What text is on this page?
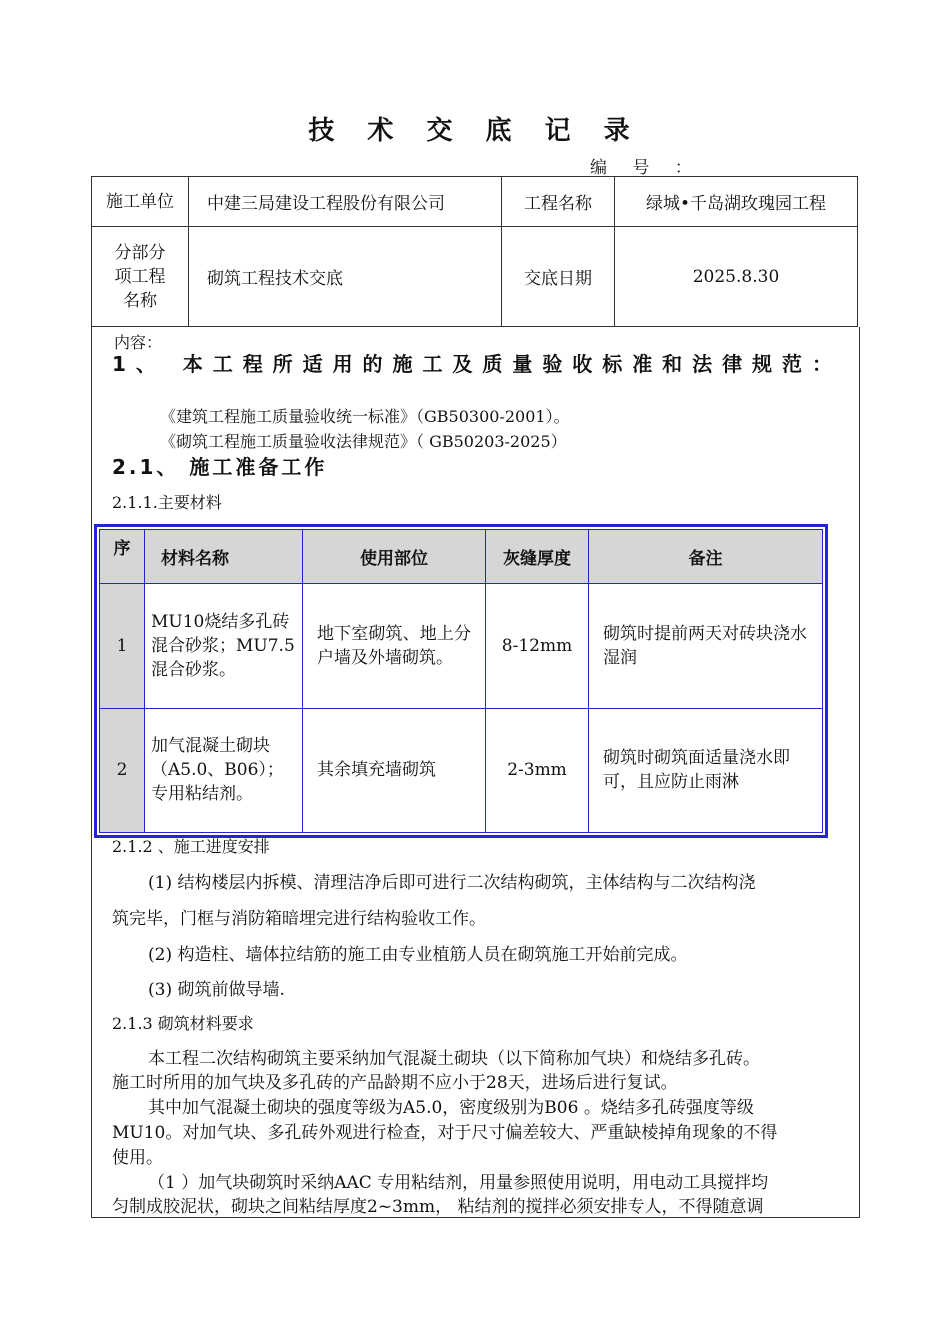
技 术 交 底 记 录
编 号 ：
施工单位	中建三局建设工程股份有限公司	工程名称	绿城•千岛湖玫瑰园工程
分部分项工程名称	砌筑工程技术交底	交底日期	2025.8.30
内容：
1、 本工程所适用的施工及质量验收标准和法律规范：
《建筑工程施工质量验收统一标准》（GB50300-2001）。
《砌筑工程施工质量验收法律规范》（ GB50203-2025）
2.1、 施工准备工作
2.1.1.主要材料
序	材料名称	使用部位	灰缝厚度	备注
1	MU10烧结多孔砖 混合砂浆；MU7.5 混合砂浆。	地下室砌筑、地上分户墙及外墙砌筑。	8-12mm	砌筑时提前两天对砖块浇水湿润
2	加气混凝土砌块（A5.0、B06）；专用粘结剂。	其余填充墙砌筑	2-3mm	砌筑时砌筑面适量浇水即可，且应防止雨淋
2.1.2 、施工进度安排
(1) 结构楼层内拆模、清理洁净后即可进行二次结构砌筑，主体结构与二次结构浇
筑完毕，门框与消防箱暗埋完进行结构验收工作。
(2) 构造柱、墙体拉结筋的施工由专业植筋人员在砌筑施工开始前完成。
(3) 砌筑前做导墙.
2.1.3 砌筑材料要求
本工程二次结构砌筑主要采纳加气混凝土砌块（以下简称加气块）和烧结多孔砖。
施工时所用的加气块及多孔砖的产品龄期不应小于28天，进场后进行复试。
其中加气混凝土砌块的强度等级为A5.0，密度级别为B06 。烧结多孔砖强度等级
MU10。对加气块、多孔砖外观进行检查，对于尺寸偏差较大、严重缺棱掉角现象的不得
使用。
（1 ）加气块砌筑时采纳AAC 专用粘结剂，用量参照使用说明，用电动工具搅拌均
匀制成胶泥状，砌块之间粘结厚度2~3mm， 粘结剂的搅拌必须安排专人，不得随意调
